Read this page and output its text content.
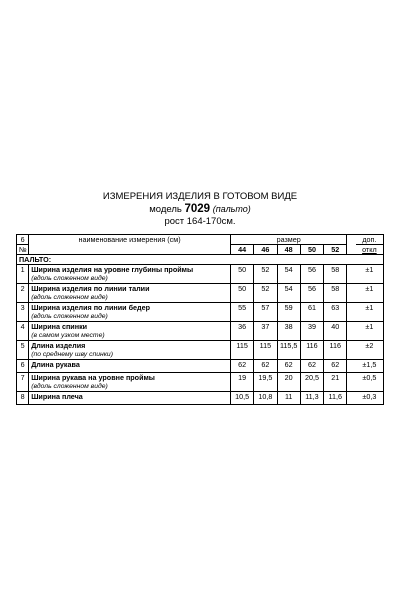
ИЗМЕРЕНИЯ ИЗДЕЛИЯ В ГОТОВОМ ВИДЕ
модель 7029 (пальто)
рост 164-170см.
6	наименование измерения (см)	размер						доп.
№		44	46	48	50	52		откл
ПАЛЬТО:								
1	Ширина изделия на уровне глубины проймы
(вдоль сложенном виде)	50	52	54	56	58		±1
2	Ширина изделия по линии талии
(вдоль сложенном виде)	50	52	54	56	58		±1
3	Ширина изделия по линии бедер
(вдоль сложенном виде)	55	57	59	61	63		±1
4	Ширина спинки
(в самом узком месте)	36	37	38	39	40		±1
5	Длина изделия
(по среднему шву спинки)	115	115	115,5	116	116		±2
6	Длина рукава	62	62	62	62	62		±1,5
7	Ширина рукава на уровне проймы
(вдоль сложенном виде)	19	19,5	20	20,5	21		±0,5
8	Ширина плеча	10,5	10,8	11	11,3	11,6		±0,3
